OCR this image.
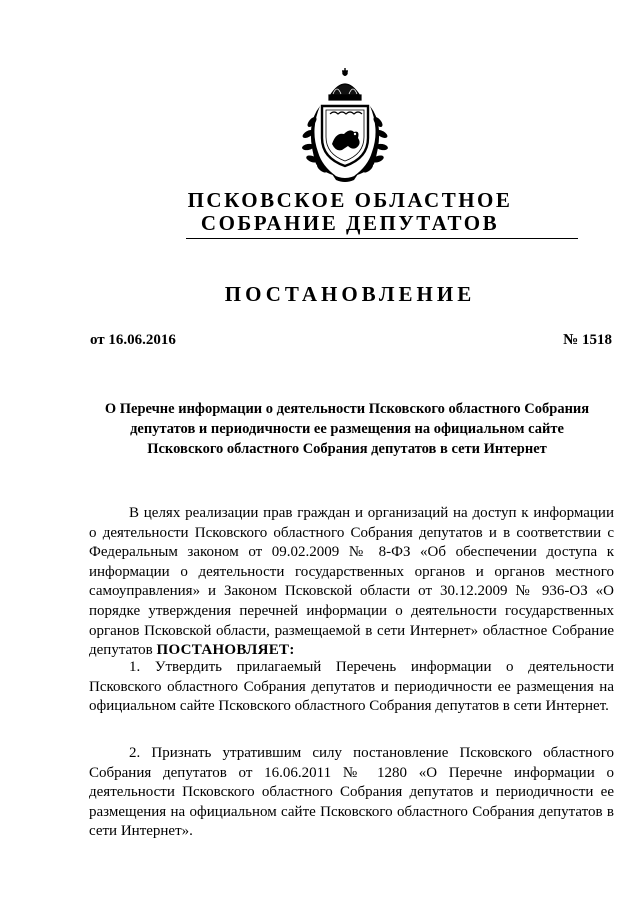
ПСКОВСКОЕ ОБЛАСТНОЕ

СОБРАНИЕ ДЕПУТАТОВ

ПОСТАНОВЛЕНИЕ

от 16.06.2016	№ 1518

О Перечне информации о деятельности Псковского областного Собрания
депутатов и периодичности ее размещения на официальном сайте
Псковского областного Собрания депутатов в сети Интернет

В целях реализации прав граждан и организаций на доступ к информации о деятельности Псковского областного Собрания депутатов и в соответствии с Федеральным законом от 09.02.2009 № 8-ФЗ «Об обеспечении доступа к информации о деятельности государственных органов и органов местного самоуправления» и Законом Псковской области от 30.12.2009 № 936-ОЗ «О порядке утверждения перечней информации о деятельности государственных органов Псковской области, размещаемой в сети Интернет» областное Собрание депутатов ПОСТАНОВЛЯЕТ:

1. Утвердить прилагаемый Перечень информации о деятельности Псковского областного Собрания депутатов и периодичности ее размещения на официальном сайте Псковского областного Собрания депутатов в сети Интернет.

2. Признать утратившим силу постановление Псковского областного Собрания депутатов от 16.06.2011 № 1280 «О Перечне информации о деятельности Псковского областного Собрания депутатов и периодичности ее размещения на официальном сайте Псковского областного Собрания депутатов в сети Интернет».
